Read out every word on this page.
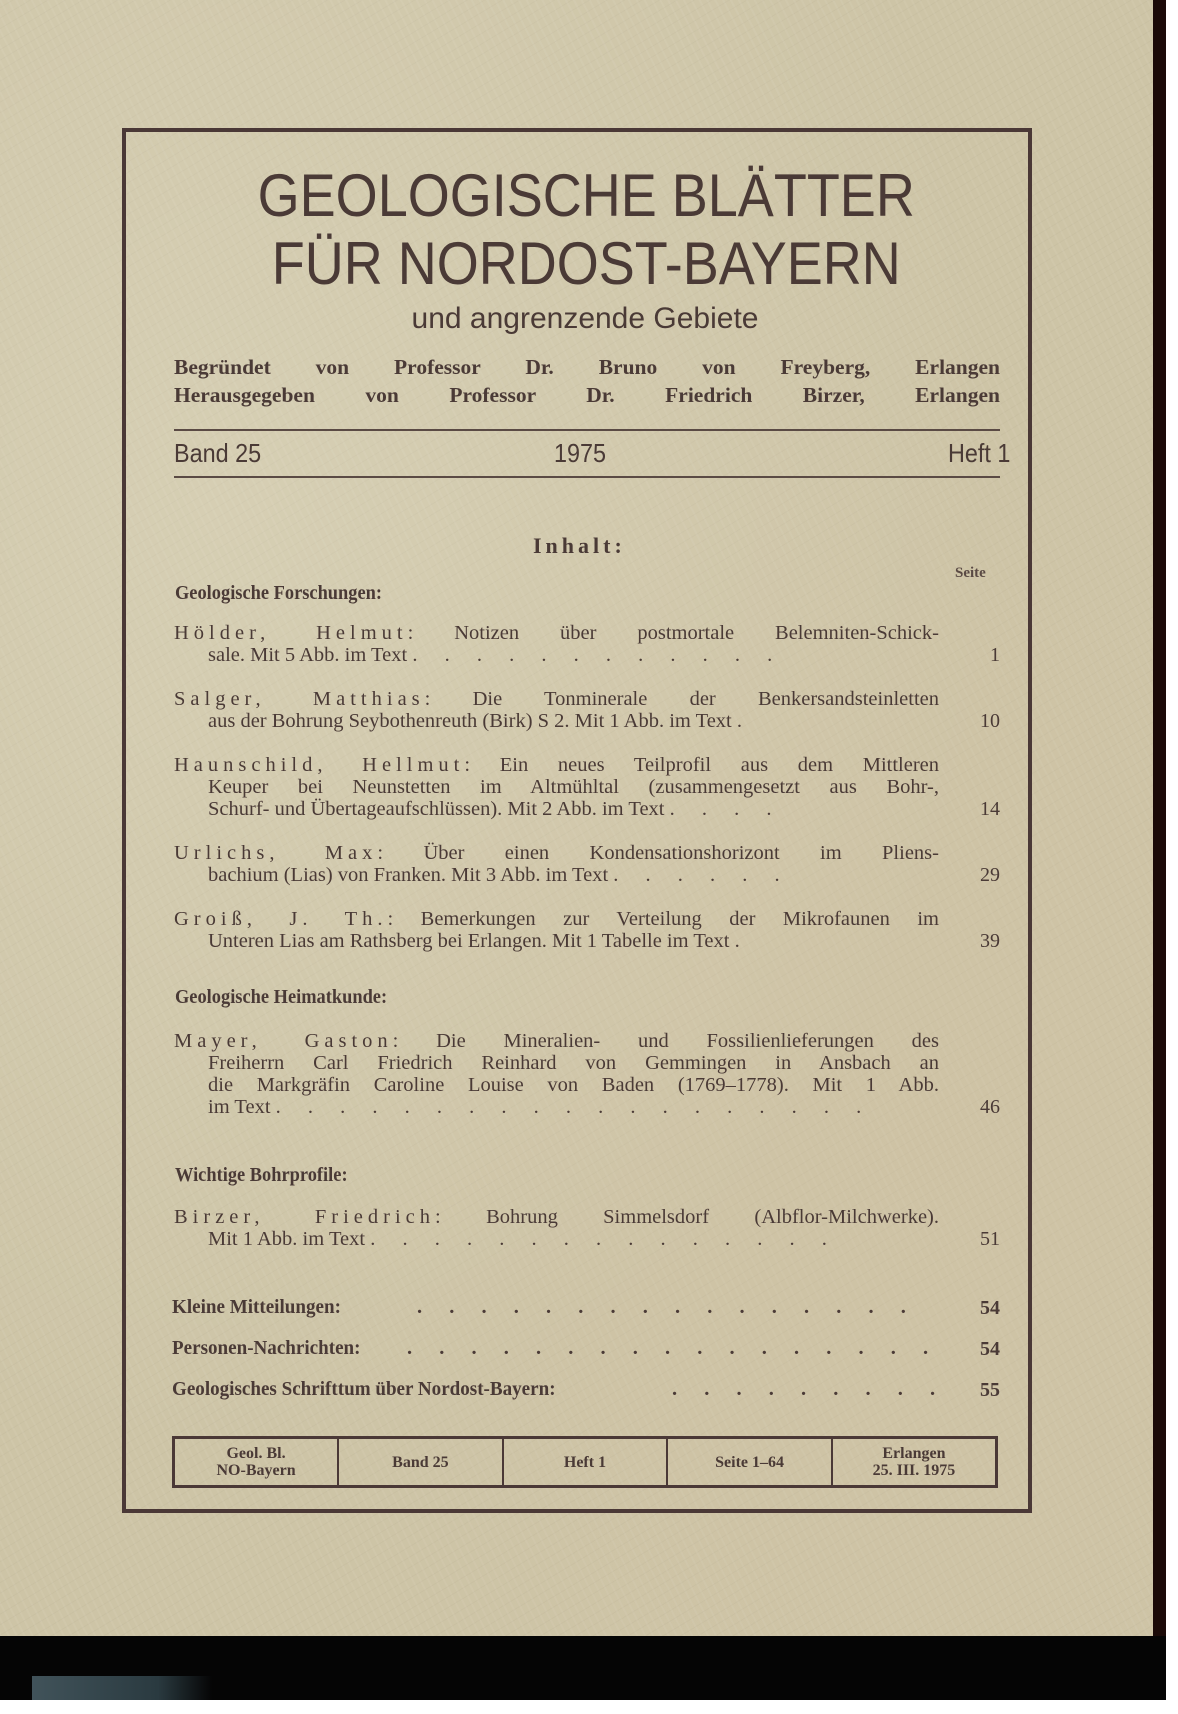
GEOLOGISCHE BLÄTTER
FÜR NORDOST-BAYERN
und angrenzende Gebiete
Begründet von Professor Dr. Bruno von Freyberg, Erlangen
Herausgegeben von Professor Dr. Friedrich Birzer, Erlangen
Band 25	1975	Heft 1
Inhalt:
Seite
Geologische Forschungen:
Hölder, Helmut: Notizen über postmortale Belemniten-Schick-
sale. Mit 5 Abb. im Text . . . . . . . . . . . .	1
Salger, Matthias: Die Tonminerale der Benkersandsteinletten
aus der Bohrung Seybothenreuth (Birk) S 2. Mit 1 Abb. im Text .	10
Haunschild, Hellmut: Ein neues Teilprofil aus dem Mittleren
Keuper bei Neunstetten im Altmühltal (zusammengesetzt aus Bohr-,
Schurf- und Übertageaufschlüssen). Mit 2 Abb. im Text . . . .	14
Urlichs, Max: Über einen Kondensationshorizont im Pliens-
bachium (Lias) von Franken. Mit 3 Abb. im Text . . . . . .	29
Groiß, J. Th.: Bemerkungen zur Verteilung der Mikrofaunen im
Unteren Lias am Rathsberg bei Erlangen. Mit 1 Tabelle im Text .	39
Geologische Heimatkunde:
Mayer, Gaston: Die Mineralien- und Fossilienlieferungen des
Freiherrn Carl Friedrich Reinhard von Gemmingen in Ansbach an
die Markgräfin Caroline Louise von Baden (1769–1778). Mit 1 Abb.
im Text . . . . . . . . . . . . . . . . . . .	46
Wichtige Bohrprofile:
Birzer, Friedrich: Bohrung Simmelsdorf (Albflor-Milchwerke).
Mit 1 Abb. im Text . . . . . . . . . . . . . . .	51
Kleine Mitteilungen:	. . . . . . . . . . . . . . . .	54
Personen-Nachrichten: . . . . . . . . . . . . . . . . . 54
Geologisches Schrifttum über Nordost-Bayern:	. . . . . . . . . 55
Geol. Bl.
NO-Bayern	Band 25	Heft 1	Seite 1–64	Erlangen
25. III. 1975
